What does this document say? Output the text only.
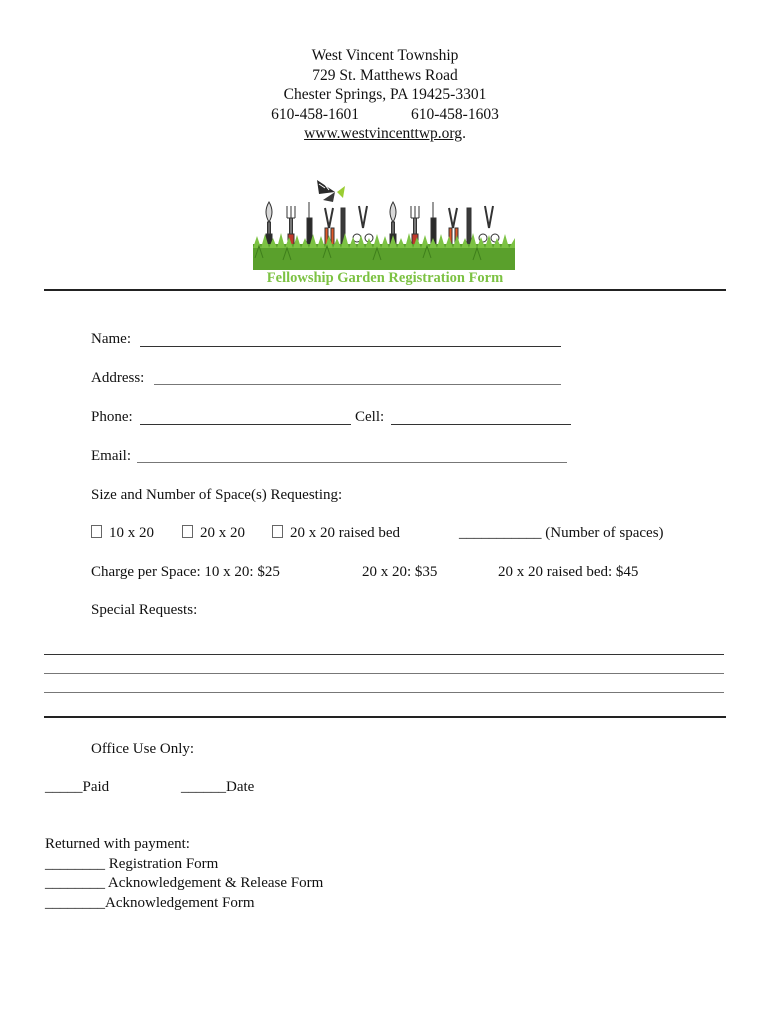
West Vincent Township
729 St. Matthews Road
Chester Springs, PA 19425-3301
610-458-1601	610-458-1603
www.westvincenttwp.org.
Fellowship Garden Registration Form
Name:
Address:
Phone:	Cell:
Email:
Size and Number of Space(s) Requesting:
10 x 20	20 x 20	20 x 20 raised bed	___________ (Number of spaces)
Charge per Space: 10 x 20: $25	20 x 20: $35	20 x 20 raised bed: $45
Special Requests:
Office Use Only:
_____Paid	______Date
Returned with payment:
________ Registration Form
________ Acknowledgement & Release Form
________Acknowledgement Form
